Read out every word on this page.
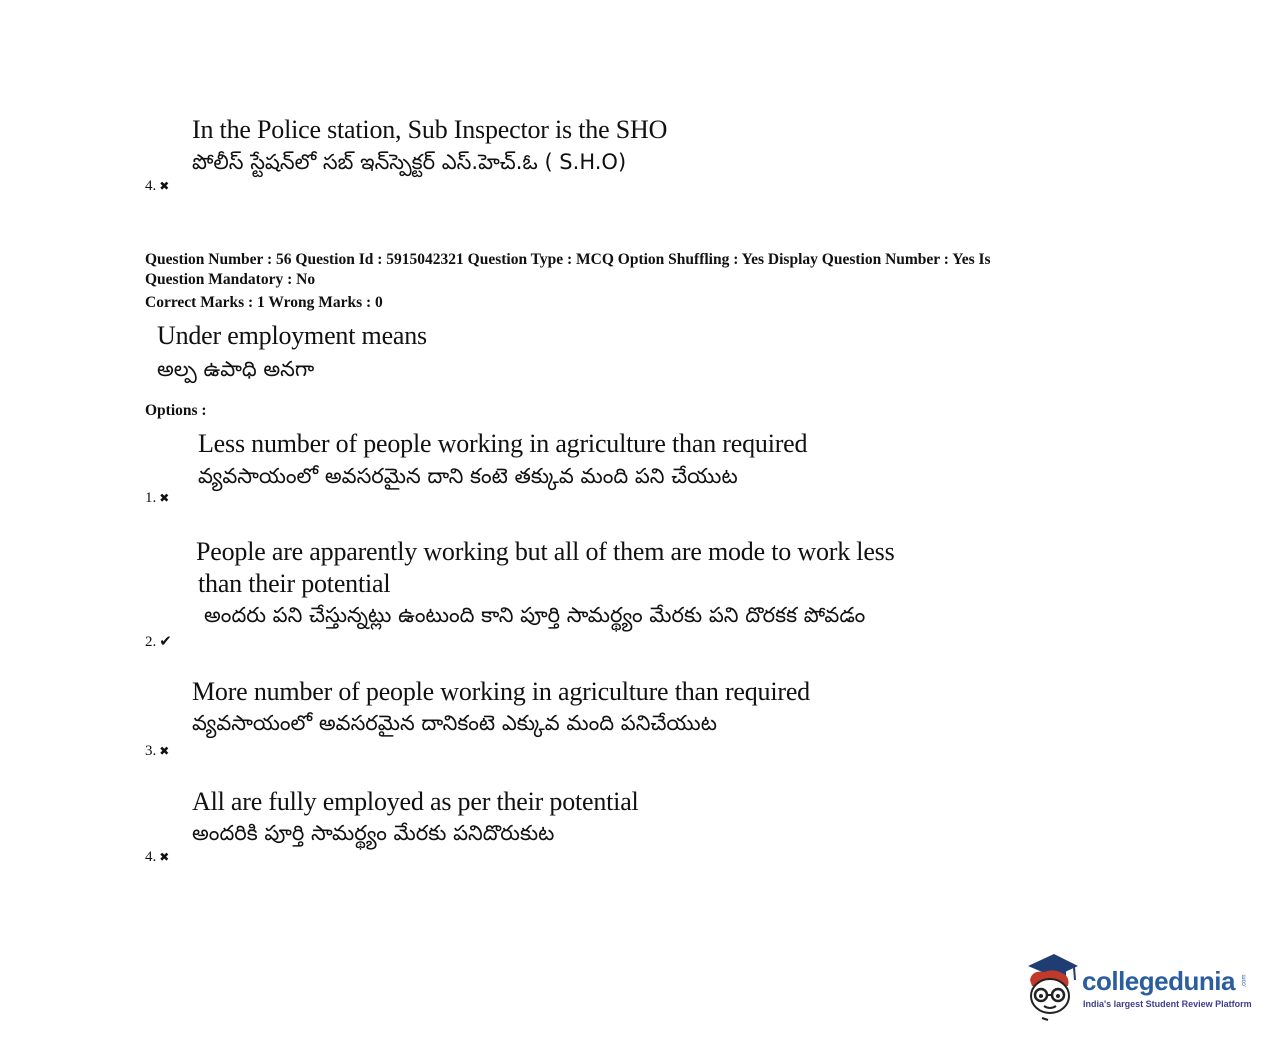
In the Police station, Sub Inspector is the SHO
పోలీస్ స్టేషన్‌లో సబ్ ఇన్‌స్పెక్టర్ ఎస్.హెచ్.ఓ ( S.H.O)
4. ✖
Question Number : 56 Question Id : 5915042321 Question Type : MCQ Option Shuffling : Yes Display Question Number : Yes Is
Question Mandatory : No
Correct Marks : 1 Wrong Marks : 0
Under employment means
అల్ప ఉపాధి అనగా
Options :
Less number of people working in agriculture than required
వ్యవసాయంలో అవసరమైన దాని కంటె తక్కువ మంది పని చేయుట
1. ✖
People are apparently working but all of them are mode to work less
than their potential
అందరు పని చేస్తున్నట్లు ఉంటుంది కాని పూర్తి సామర్థ్యం మేరకు పని దొరకక పోవడం
2. ✔
More number of people working in agriculture than required
వ్యవసాయంలో అవసరమైన దానికంటె ఎక్కువ మంది పనిచేయుట
3. ✖
All are fully employed as per their potential
అందరికి పూర్తి సామర్థ్యం మేరకు పనిదొరుకుట
4. ✖
collegedunia .com
India's largest Student Review Platform
